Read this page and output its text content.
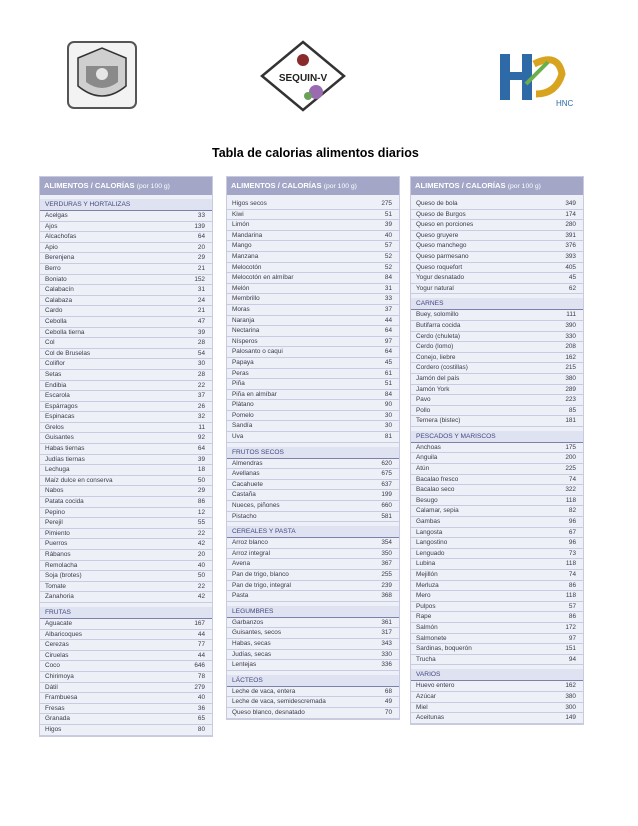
SEQUIN-V
HNC
Tabla de calorias alimentos diarios
ALIMENTOS / CALORÍAS (por 100 g)
VERDURAS Y HORTALIZAS
Acelgas	33
Ajos	139
Alcachofas	64
Apio	20
Berenjena	29
Berro	21
Boniato	152
Calabacín	31
Calabaza	24
Cardo	21
Cebolla	47
Cebolla tierna	39
Col	28
Col de Bruselas	54
Coliflor	30
Setas	28
Endibia	22
Escarola	37
Espárragos	26
Espinacas	32
Grelos	11
Guisantes	92
Habas tiernas	64
Judías tiernas	39
Lechuga	18
Maíz dulce en conserva	50
Nabos	29
Patata cocida	86
Pepino	12
Perejil	55
Pimiento	22
Puerros	42
Rábanos	20
Remolacha	40
Soja (brotes)	50
Tomate	22
Zanahoria	42
FRUTAS
Aguacate	167
Albaricoques	44
Cerezas	77
Ciruelas	44
Coco	646
Chirimoya	78
Dátil	279
Frambuesa	40
Fresas	36
Granada	65
Higos	80
ALIMENTOS / CALORÍAS (por 100 g)
Higos secos	275
Kiwi	51
Limón	39
Mandarina	40
Mango	57
Manzana	52
Melocotón	52
Melocotón en almíbar	84
Melón	31
Membrillo	33
Moras	37
Naranja	44
Nectarina	64
Nísperos	97
Palosanto o caqui	64
Papaya	45
Peras	61
Piña	51
Piña en almíbar	84
Plátano	90
Pomelo	30
Sandía	30
Uva	81
FRUTOS SECOS
Almendras	620
Avellanas	675
Cacahuete	637
Castaña	199
Nueces, piñones	660
Pistacho	581
CEREALES Y PASTA
Arroz blanco	354
Arroz integral	350
Avena	367
Pan de trigo, blanco	255
Pan de trigo, integral	239
Pasta	368
LEGUMBRES
Garbanzos	361
Guisantes, secos	317
Habas, secas	343
Judías, secas	330
Lentejas	336
LÁCTEOS
Leche de vaca, entera	68
Leche de vaca, semidescremada	49
Queso blanco, desnatado	70
ALIMENTOS / CALORÍAS (por 100 g)
Queso de bola	349
Queso de Burgos	174
Queso en porciones	280
Queso gruyere	391
Queso manchego	376
Queso parmesano	393
Queso roquefort	405
Yogur desnatado	45
Yogur natural	62
CARNES
Buey, solomillo	111
Butifarra cocida	390
Cerdo (chuleta)	330
Cerdo (lomo)	208
Conejo, liebre	162
Cordero (costillas)	215
Jamón del país	380
Jamón York	289
Pavo	223
Pollo	85
Ternera (bistec)	181
PESCADOS Y MARISCOS
Anchoas	175
Anguila	200
Atún	225
Bacalao fresco	74
Bacalao seco	322
Besugo	118
Calamar, sepia	82
Gambas	96
Langosta	67
Langostino	96
Lenguado	73
Lubina	118
Mejillón	74
Merluza	86
Mero	118
Pulpos	57
Rape	86
Salmón	172
Salmonete	97
Sardinas, boquerón	151
Trucha	94
VARIOS
Huevo entero	162
Azúcar	380
Miel	300
Aceitunas	149
